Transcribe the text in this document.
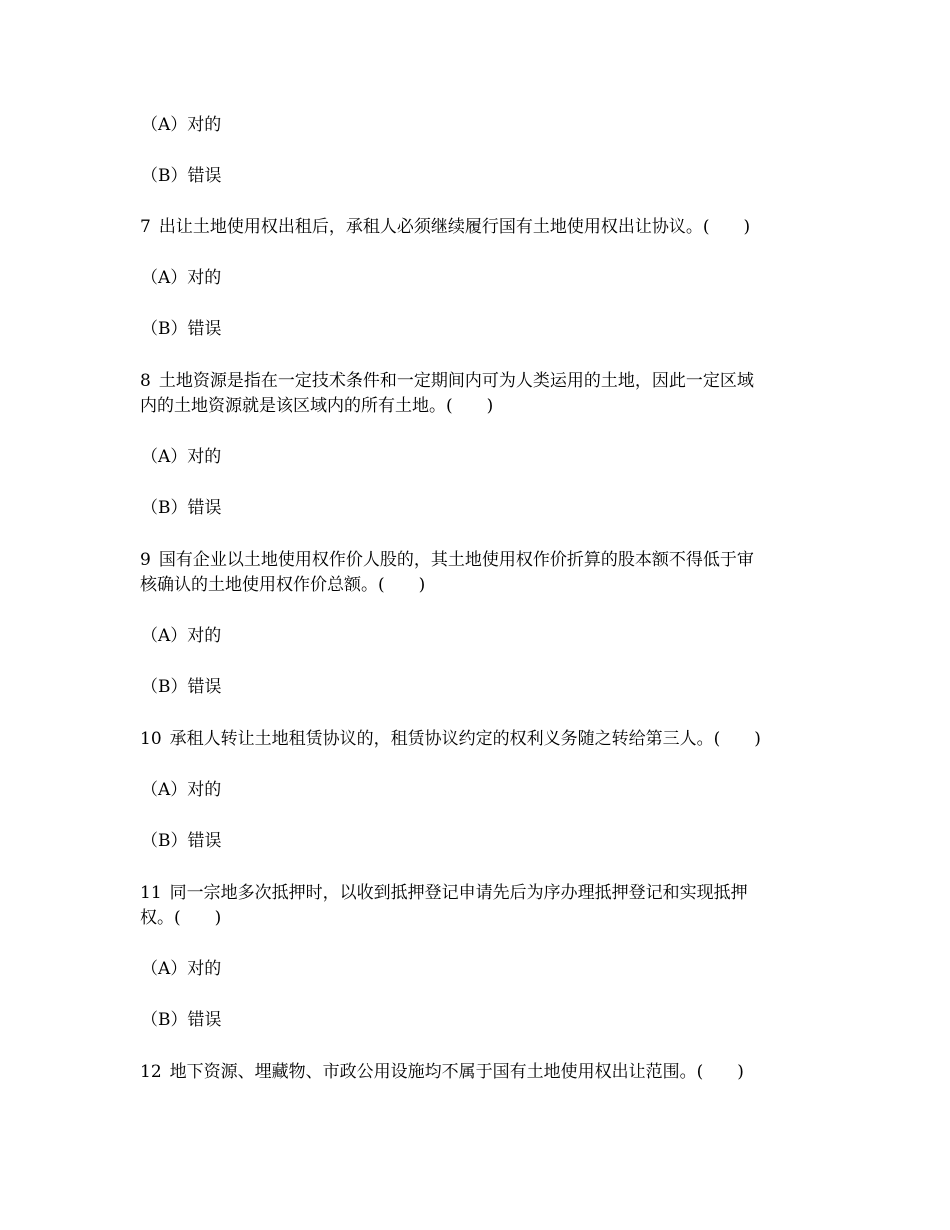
（A）对的
（B）错误
7 出让土地使用权出租后，承租人必须继续履行国有土地使用权出让协议。(　　)
（A）对的
（B）错误
8 土地资源是指在一定技术条件和一定期间内可为人类运用的土地，因此一定区域
内的土地资源就是该区域内的所有土地。(　　)
（A）对的
（B）错误
9 国有企业以土地使用权作价人股的，其土地使用权作价折算的股本额不得低于审
核确认的土地使用权作价总额。(　　)
（A）对的
（B）错误
10 承租人转让土地租赁协议的，租赁协议约定的权利义务随之转给第三人。(　　)
（A）对的
（B）错误
11 同一宗地多次抵押时，以收到抵押登记申请先后为序办理抵押登记和实现抵押
权。(　　)
（A）对的
（B）错误
12 地下资源、埋藏物、市政公用设施均不属于国有土地使用权出让范围。(　　)
